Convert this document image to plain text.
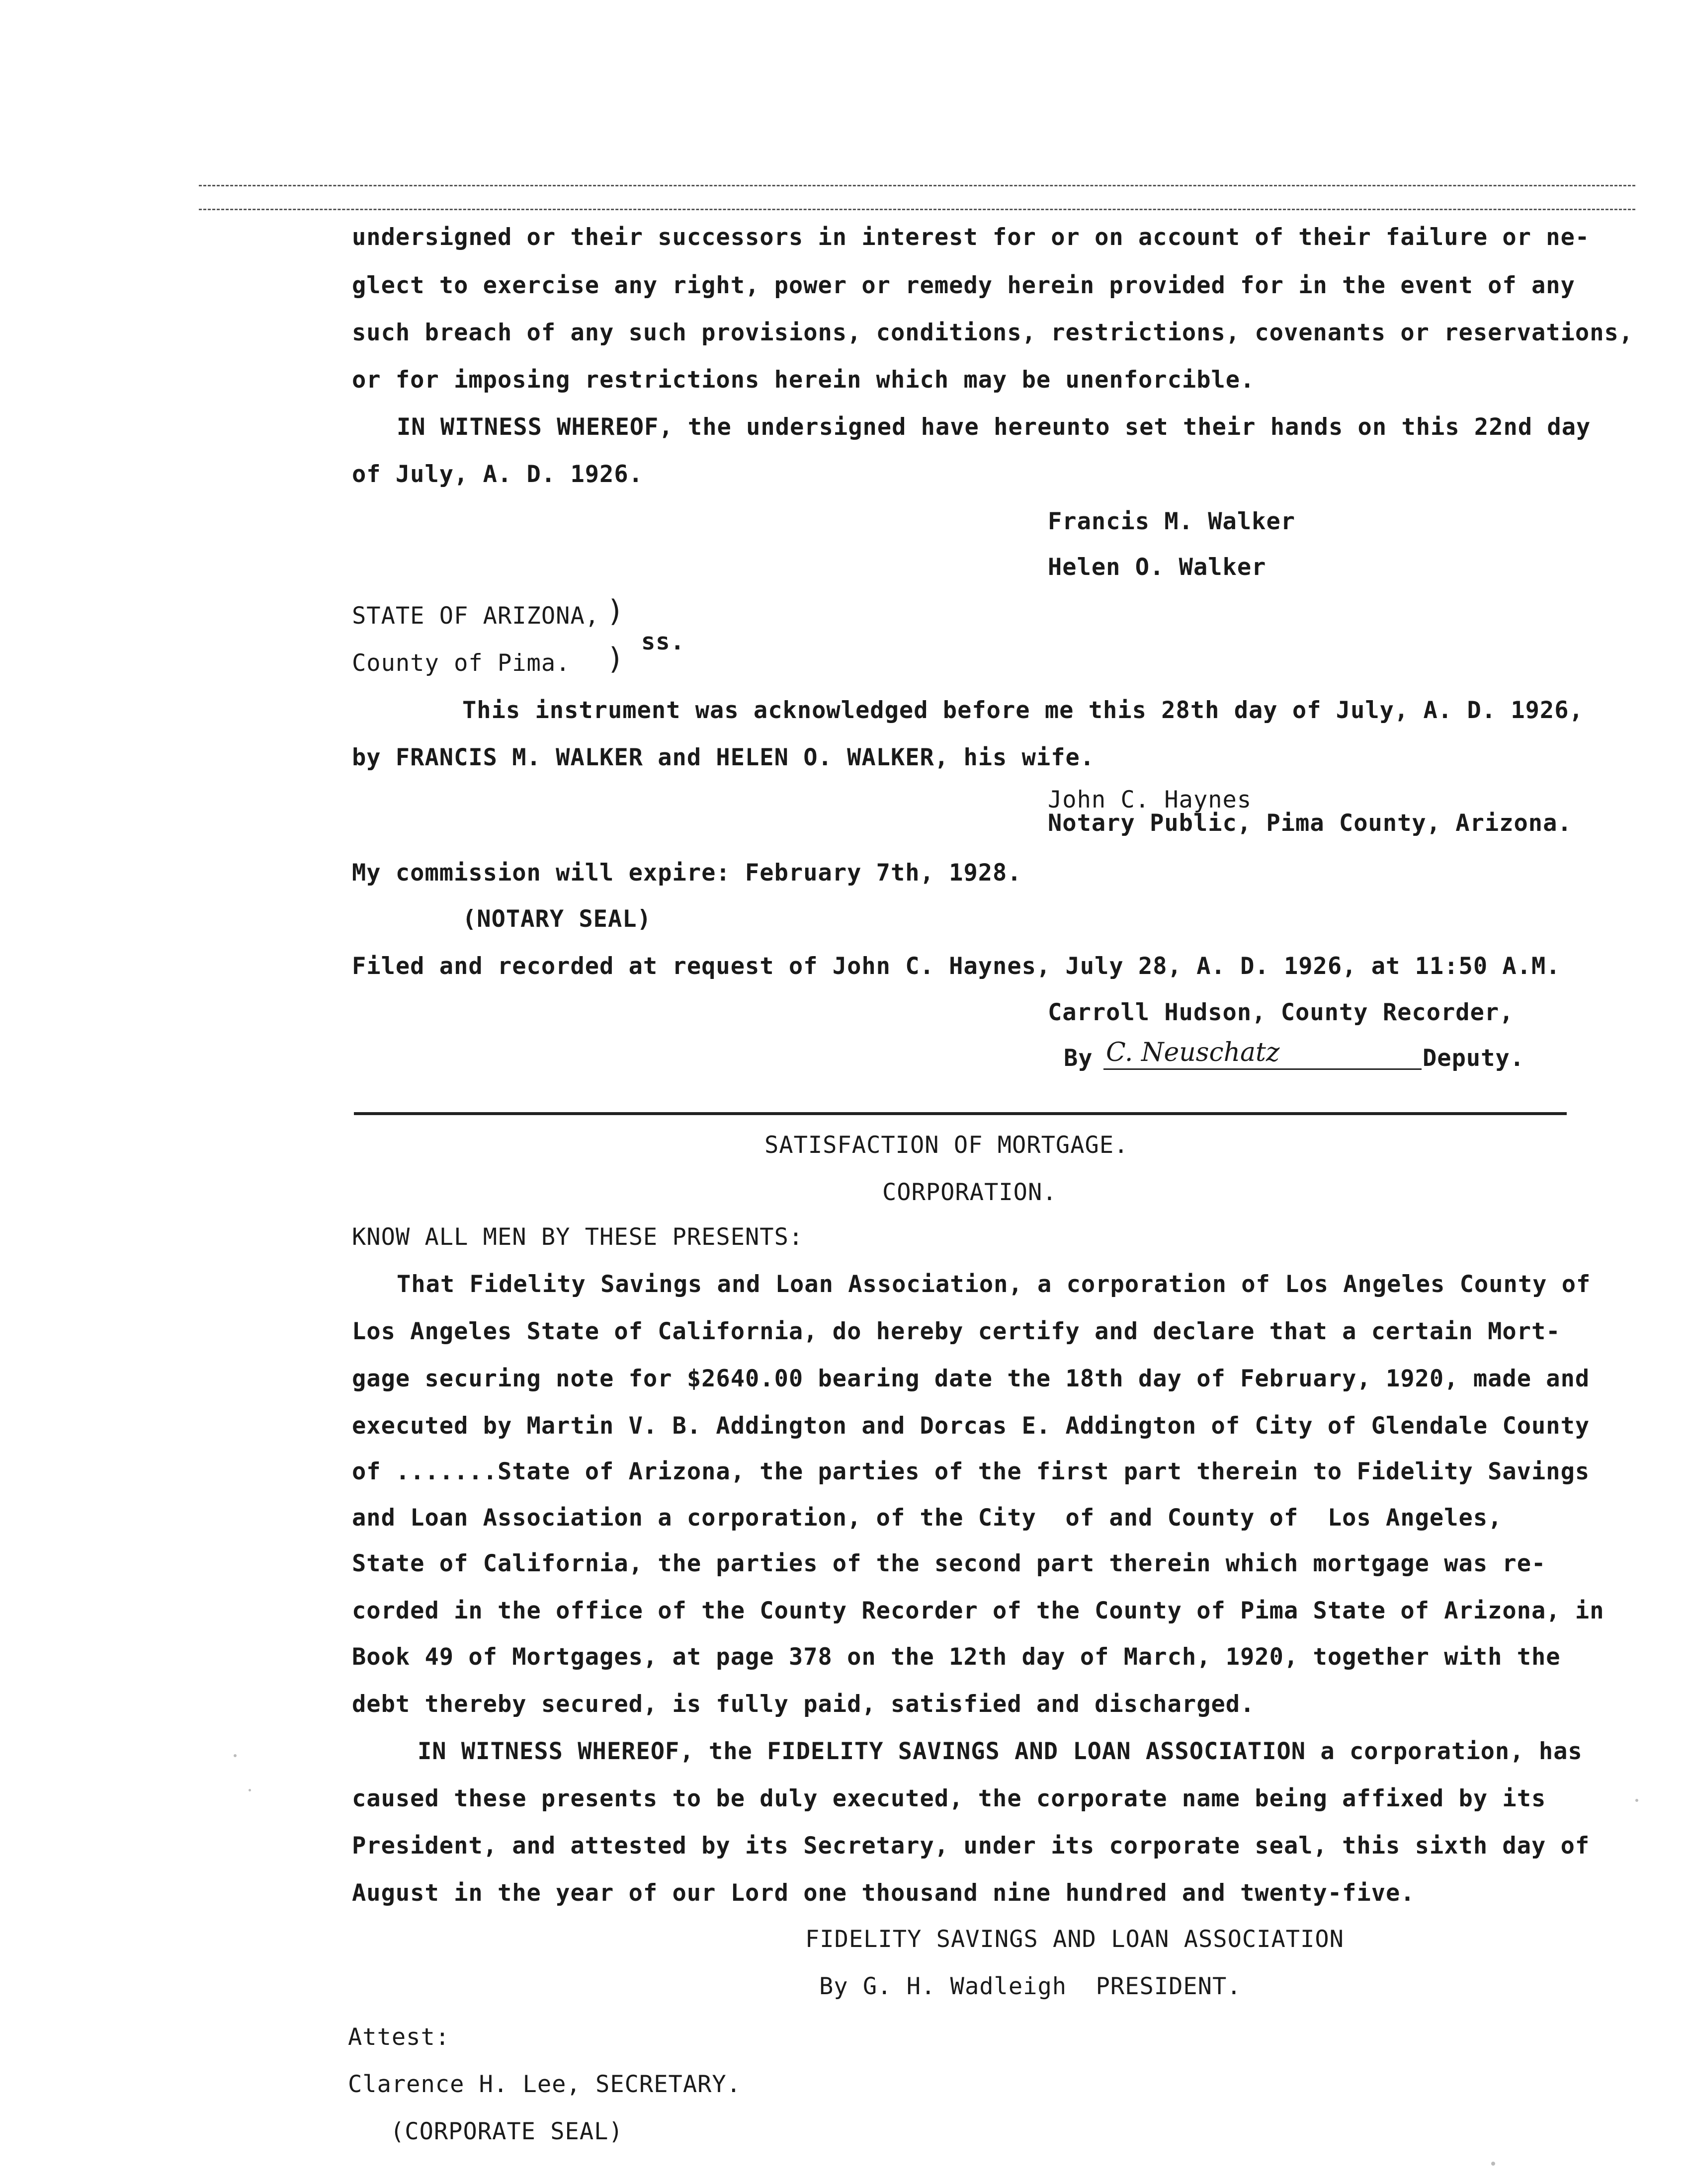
undersigned or their successors in interest for or on account of their failure or ne-
glect to exercise any right, power or remedy herein provided for in the event of any
such breach of any such provisions, conditions, restrictions, covenants or reservations,
or for imposing restrictions herein which may be unenforcible.
IN WITNESS WHEREOF, the undersigned have hereunto set their hands on this 22nd day
of July, A. D. 1926.
Francis M. Walker
Helen O. Walker
STATE OF ARIZONA, )
ss.
County of Pima. )
This instrument was acknowledged before me this 28th day of July, A. D. 1926,
by FRANCIS M. WALKER and HELEN O. WALKER, his wife.
John C. Haynes
Notary Public, Pima County, Arizona.
My commission will expire: February 7th, 1928.
(NOTARY SEAL)
Filed and recorded at request of John C. Haynes, July 28, A. D. 1926, at 11:50 A.M.
Carroll Hudson, County Recorder,
By C. Neuschatz	Deputy.
SATISFACTION OF MORTGAGE.
CORPORATION.
KNOW ALL MEN BY THESE PRESENTS:
That Fidelity Savings and Loan Association, a corporation of Los Angeles County of
Los Angeles State of California, do hereby certify and declare that a certain Mort-
gage securing note for $2640.00 bearing date the 18th day of February, 1920, made and
executed by Martin V. B. Addington and Dorcas E. Addington of City of Glendale County
of .......State of Arizona, the parties of the first part therein to Fidelity Savings
and Loan Association a corporation, of the City  of and County of  Los Angeles,
State of California, the parties of the second part therein which mortgage was re-
corded in the office of the County Recorder of the County of Pima State of Arizona, in
Book 49 of Mortgages, at page 378 on the 12th day of March, 1920, together with the
debt thereby secured, is fully paid, satisfied and discharged.
IN WITNESS WHEREOF, the FIDELITY SAVINGS AND LOAN ASSOCIATION a corporation, has
caused these presents to be duly executed, the corporate name being affixed by its
President, and attested by its Secretary, under its corporate seal, this sixth day of
August in the year of our Lord one thousand nine hundred and twenty-five.
FIDELITY SAVINGS AND LOAN ASSOCIATION
By G. H. Wadleigh  PRESIDENT.
Attest:
Clarence H. Lee, SECRETARY.
(CORPORATE SEAL)
